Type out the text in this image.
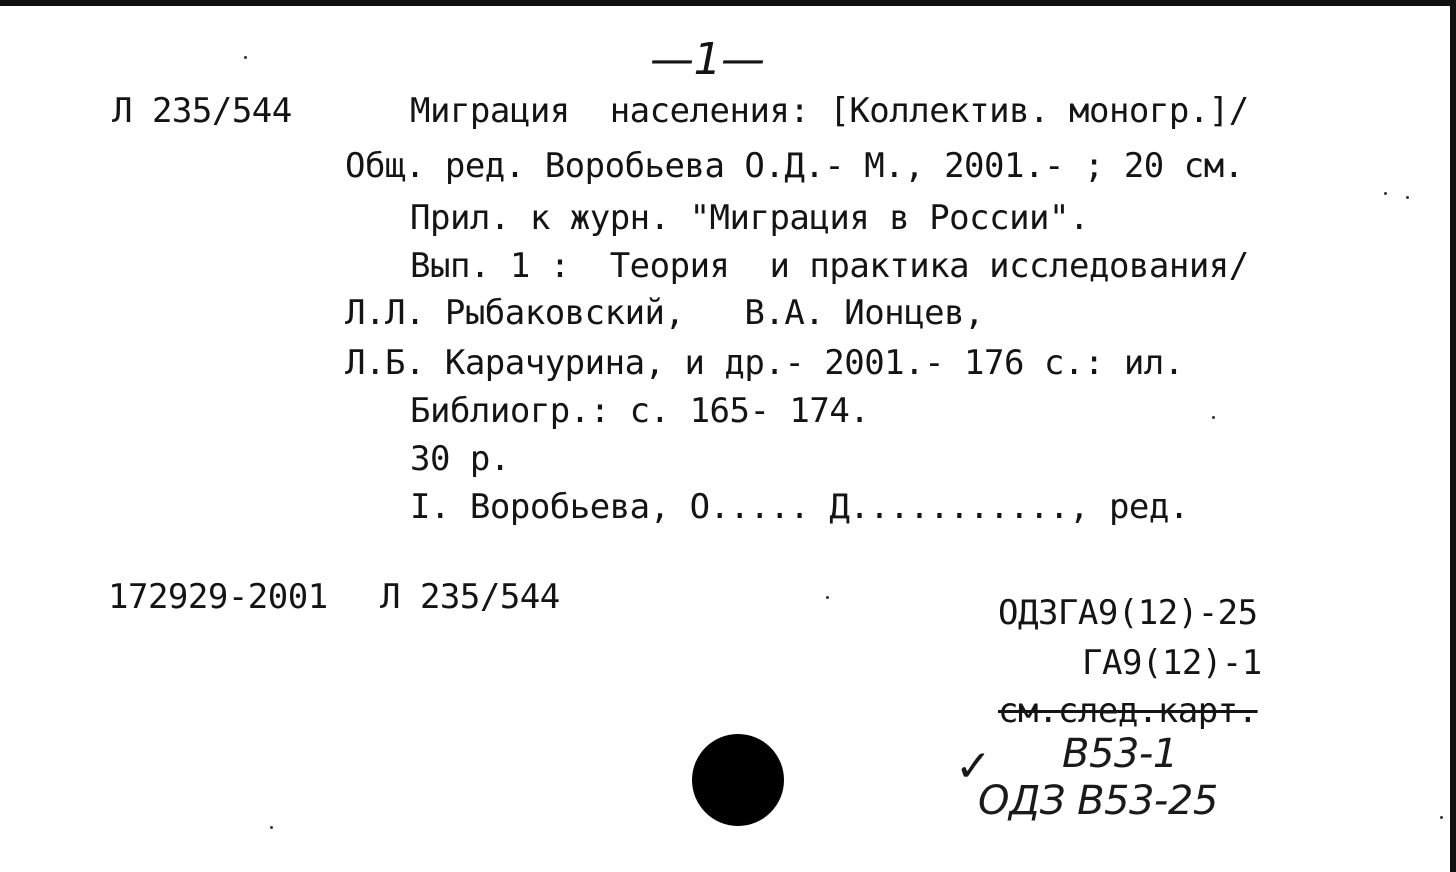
—1—
Л 235/544	Миграция  населения: [Коллектив. моногр.]/
Общ. ред. Воробьева О.Д.- М., 2001.- ; 20 см.
Прил. к журн. "Миграция в России".
Вып. 1 :  Теория  и практика исследования/
Л.Л. Рыбаковский,   В.А. Ионцев,
Л.Б. Карачурина, и др.- 2001.- 176 с.: ил.
Библиогр.: с. 165- 174.
30 р.
I. Воробьева, О..... Д..........., ред.
172929-2001 Л 235/544	ОДЗГА9(12)-25
ГА9(12)-1
см.след.карт.
✓ В53-1
ОДЗ В53-25
